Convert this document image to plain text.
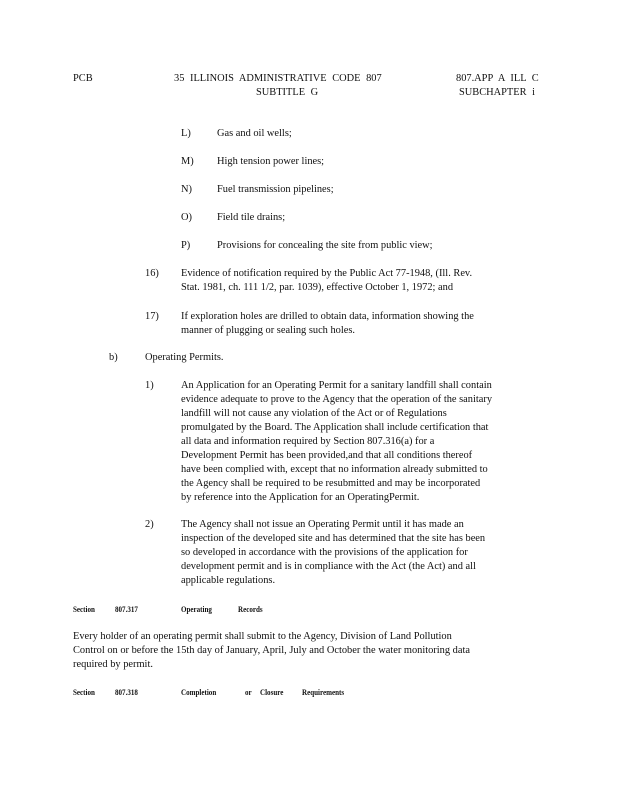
PCB	35 ILLINOIS ADMINISTRATIVE CODE 807
SUBTITLE G
807.APP A ILL C
SUBCHAPTER i
L)	Gas and oil wells;
M) High tension power lines;
N) Fuel transmission pipelines;
O) Field tile drains;
P)	Provisions for concealing the site from public view;
16) Evidence of notification required by the Public Act 77-1948, (Ill. Rev.
Stat. 1981, ch. 111 1/2, par. 1039), effective October 1, 1972; and
17) If exploration holes are drilled to obtain data, information showing the
manner of plugging or sealing such holes.
b)	Operating Permits.
1)	An Application for an Operating Permit for a sanitary landfill shall contain
evidence adequate to prove to the Agency that the operation of the sanitary
landfill will not cause any violation of the Act or of Regulations
promulgated by the Board. The Application shall include certification that
all data and information required by Section 807.316(a) for a
Development Permit has been provided,and that all conditions thereof
have been complied with, except that no information already submitted to
the Agency shall be required to be resubmitted and may be incorporated
by reference into the Application for an OperatingPermit.
2)	The Agency shall not issue an Operating Permit until it has made an
inspection of the developed site and has determined that the site has been
so developed in accordance with the provisions of the application for
development permit and is in compliance with the Act (the Act) and all
applicable regulations.
Section 807.317	Operating	Records
Every holder of an operating permit shall submit to the Agency, Division of Land Pollution
Control on or before the 15th day of January, April, July and October the water monitoring data
required by permit.
Section 807.318	Completion	or Closure Requirements
